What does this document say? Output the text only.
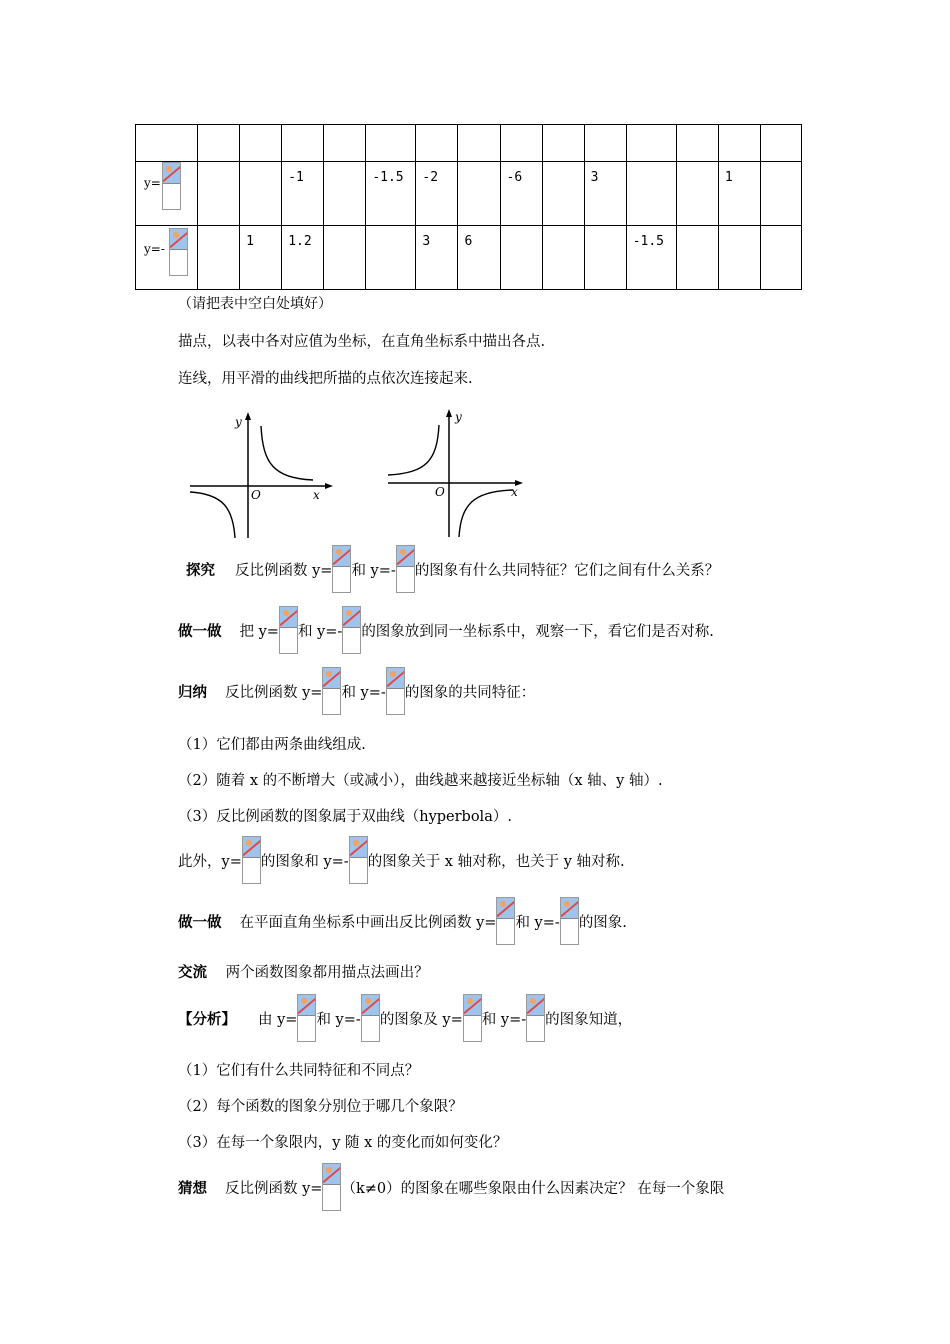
y=			-1		-1.5	-2		-6		3			1	

y=-		1	1.2			3	6				-1.5			

（请把表中空白处填好）
描点，以表中各对应值为坐标，在直角坐标系中描出各点.
连线，用平滑的曲线把所描的点依次连接起来.
y
x
O
y
x
O
探究 反比例函数 y= 和 y=- 的图象有什么共同特征？它们之间有什么关系？
做一做 把 y= 和 y=- 的图象放到同一坐标系中，观察一下，看它们是否对称.
归纳 反比例函数 y= 和 y=- 的图象的共同特征：
（1）它们都由两条曲线组成.
（2）随着 x 的不断增大（或减小），曲线越来越接近坐标轴（x 轴、y 轴）.
（3）反比例函数的图象属于双曲线（hyperbola）.
此外，y= 的图象和 y=- 的图象关于 x 轴对称，也关于 y 轴对称.
做一做 在平面直角坐标系中画出反比例函数 y= 和 y=- 的图象.
交流 两个函数图象都用描点法画出？
【分析】 由 y= 和 y=- 的图象及 y= 和 y=- 的图象知道，
（1）它们有什么共同特征和不同点？
（2）每个函数的图象分别位于哪几个象限？
（3）在每一个象限内，y 随 x 的变化而如何变化？
猜想 反比例函数 y= （k≠0）的图象在哪些象限由什么因素决定？ 在每一个象限
